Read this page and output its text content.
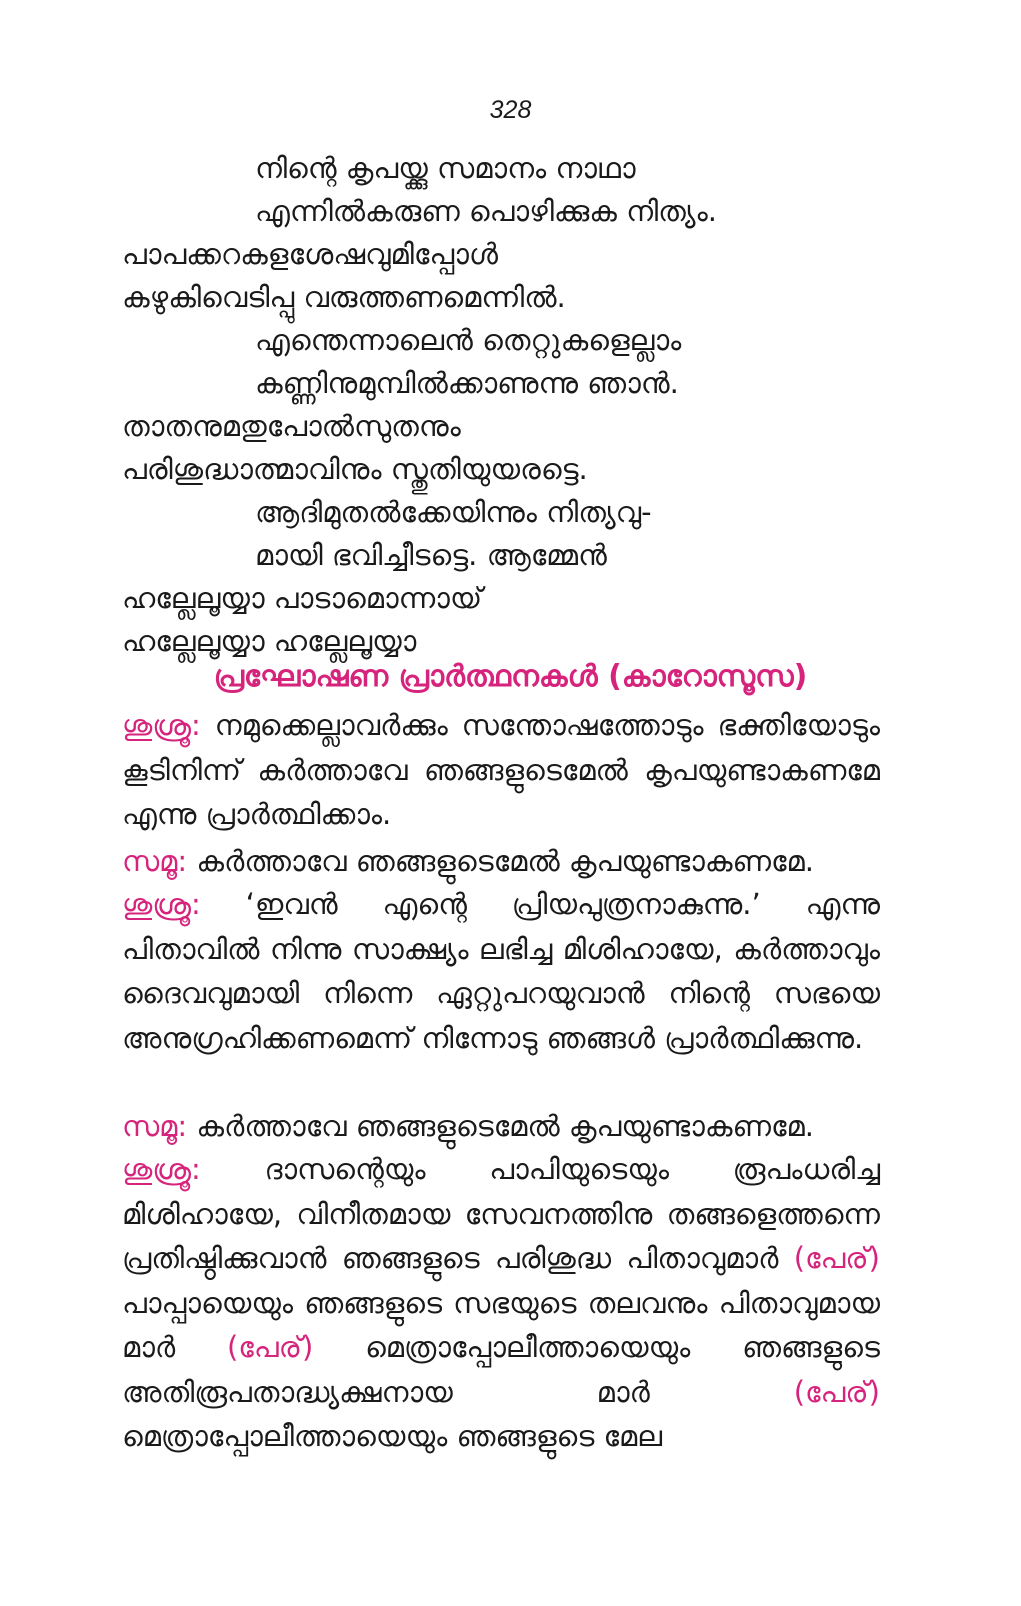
328
നിന്റെ കൃപയ്ക്കു സമാനം നാഥാ
എന്നിൽകരുണ പൊഴിക്കുക നിത്യം.
പാപക്കറകളശേഷവുമിപ്പോൾ
കഴുകിവെടിപ്പു വരുത്തണമെന്നിൽ.
എന്തെന്നാലെൻ തെറ്റുകളെല്ലാം
കണ്ണിനുമുമ്പിൽക്കാണുന്നു ഞാൻ.
താതനുമതുപോൽസുതനും
പരിശുദ്ധാത്മാവിനും സ്തുതിയുയരട്ടെ.
ആദിമുതൽക്കേയിന്നും നിത്യവു-
മായി ഭവിച്ചീടട്ടെ. ആമ്മേൻ
ഹല്ലേലൂയ്യാ പാടാമൊന്നായ്
ഹല്ലേലൂയ്യാ ഹല്ലേലൂയ്യാ
പ്രഘോഷണ പ്രാർത്ഥനകൾ (കാറോസൂസ)
ശുശ്രൂ: നമുക്കെല്ലാവർക്കും സന്തോഷത്തോടും ഭക്തിയോടും കൂടിനിന്ന് കർത്താവേ ഞങ്ങളുടെമേൽ കൃപയുണ്ടാകണമേ എന്നു പ്രാർത്ഥിക്കാം.
സമൂ: കർത്താവേ ഞങ്ങളുടെമേൽ കൃപയുണ്ടാകണമേ.
ശുശ്രൂ: ‘ഇവൻ എന്റെ പ്രിയപുത്രനാകുന്നു.’ എന്നു പിതാവിൽ നിന്നു സാക്ഷ്യം ലഭിച്ച മിശിഹായേ, കർത്താവും ദൈവവുമായി നിന്നെ ഏറ്റുപറയുവാൻ നിന്റെ സഭയെ അനുഗ്രഹിക്കണമെന്ന് നിന്നോടു ഞങ്ങൾ പ്രാർത്ഥിക്കുന്നു.
സമൂ: കർത്താവേ ഞങ്ങളുടെമേൽ കൃപയുണ്ടാകണമേ.
ശുശ്രൂ: ദാസന്റെയും പാപിയുടെയും രൂപംധരിച്ച മിശിഹായേ, വിനീതമായ സേവനത്തിനു തങ്ങളെത്തന്നെ പ്രതിഷ്ഠിക്കുവാൻ ഞങ്ങളുടെ പരിശുദ്ധ പിതാവുമാർ (പേര്) പാപ്പായെയും ഞങ്ങളുടെ സഭയുടെ തലവനും പിതാവുമായ മാർ (പേര്) മെത്രാപ്പോലീത്തായെയും ഞങ്ങളുടെ അതിരൂപതാദ്ധ്യക്ഷനായ മാർ (പേര്) മെത്രാപ്പോലീത്തായെയും ഞങ്ങളുടെ മേല
